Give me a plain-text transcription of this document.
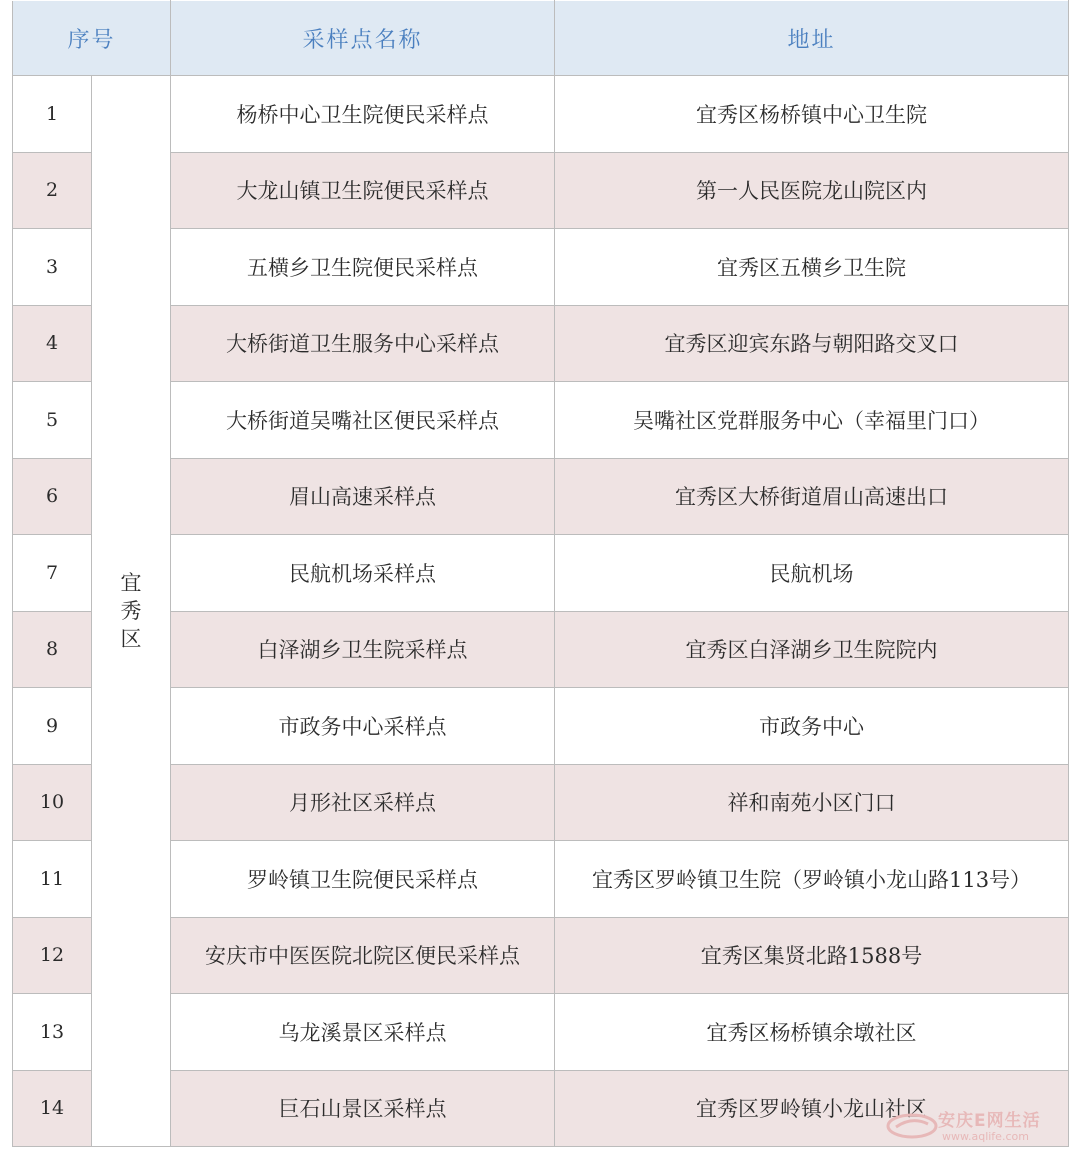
序号		采样点名称	地址
1	宜秀区	杨桥中心卫生院便民采样点	宜秀区杨桥镇中心卫生院
2		大龙山镇卫生院便民采样点	第一人民医院龙山院区内
3		五横乡卫生院便民采样点	宜秀区五横乡卫生院
4		大桥街道卫生服务中心采样点	宜秀区迎宾东路与朝阳路交叉口
5		大桥街道吴嘴社区便民采样点	吴嘴社区党群服务中心（幸福里门口）
6		眉山高速采样点	宜秀区大桥街道眉山高速出口
7		民航机场采样点	民航机场
8		白泽湖乡卫生院采样点	宜秀区白泽湖乡卫生院院内
9		市政务中心采样点	市政务中心
10		月形社区采样点	祥和南苑小区门口
11		罗岭镇卫生院便民采样点	宜秀区罗岭镇卫生院（罗岭镇小龙山路113号）
12		安庆市中医医院北院区便民采样点	宜秀区集贤北路1588号
13		乌龙溪景区采样点	宜秀区杨桥镇余墩社区
14		巨石山景区采样点	宜秀区罗岭镇小龙山社区 安庆E网生活
www.aqlife.com
